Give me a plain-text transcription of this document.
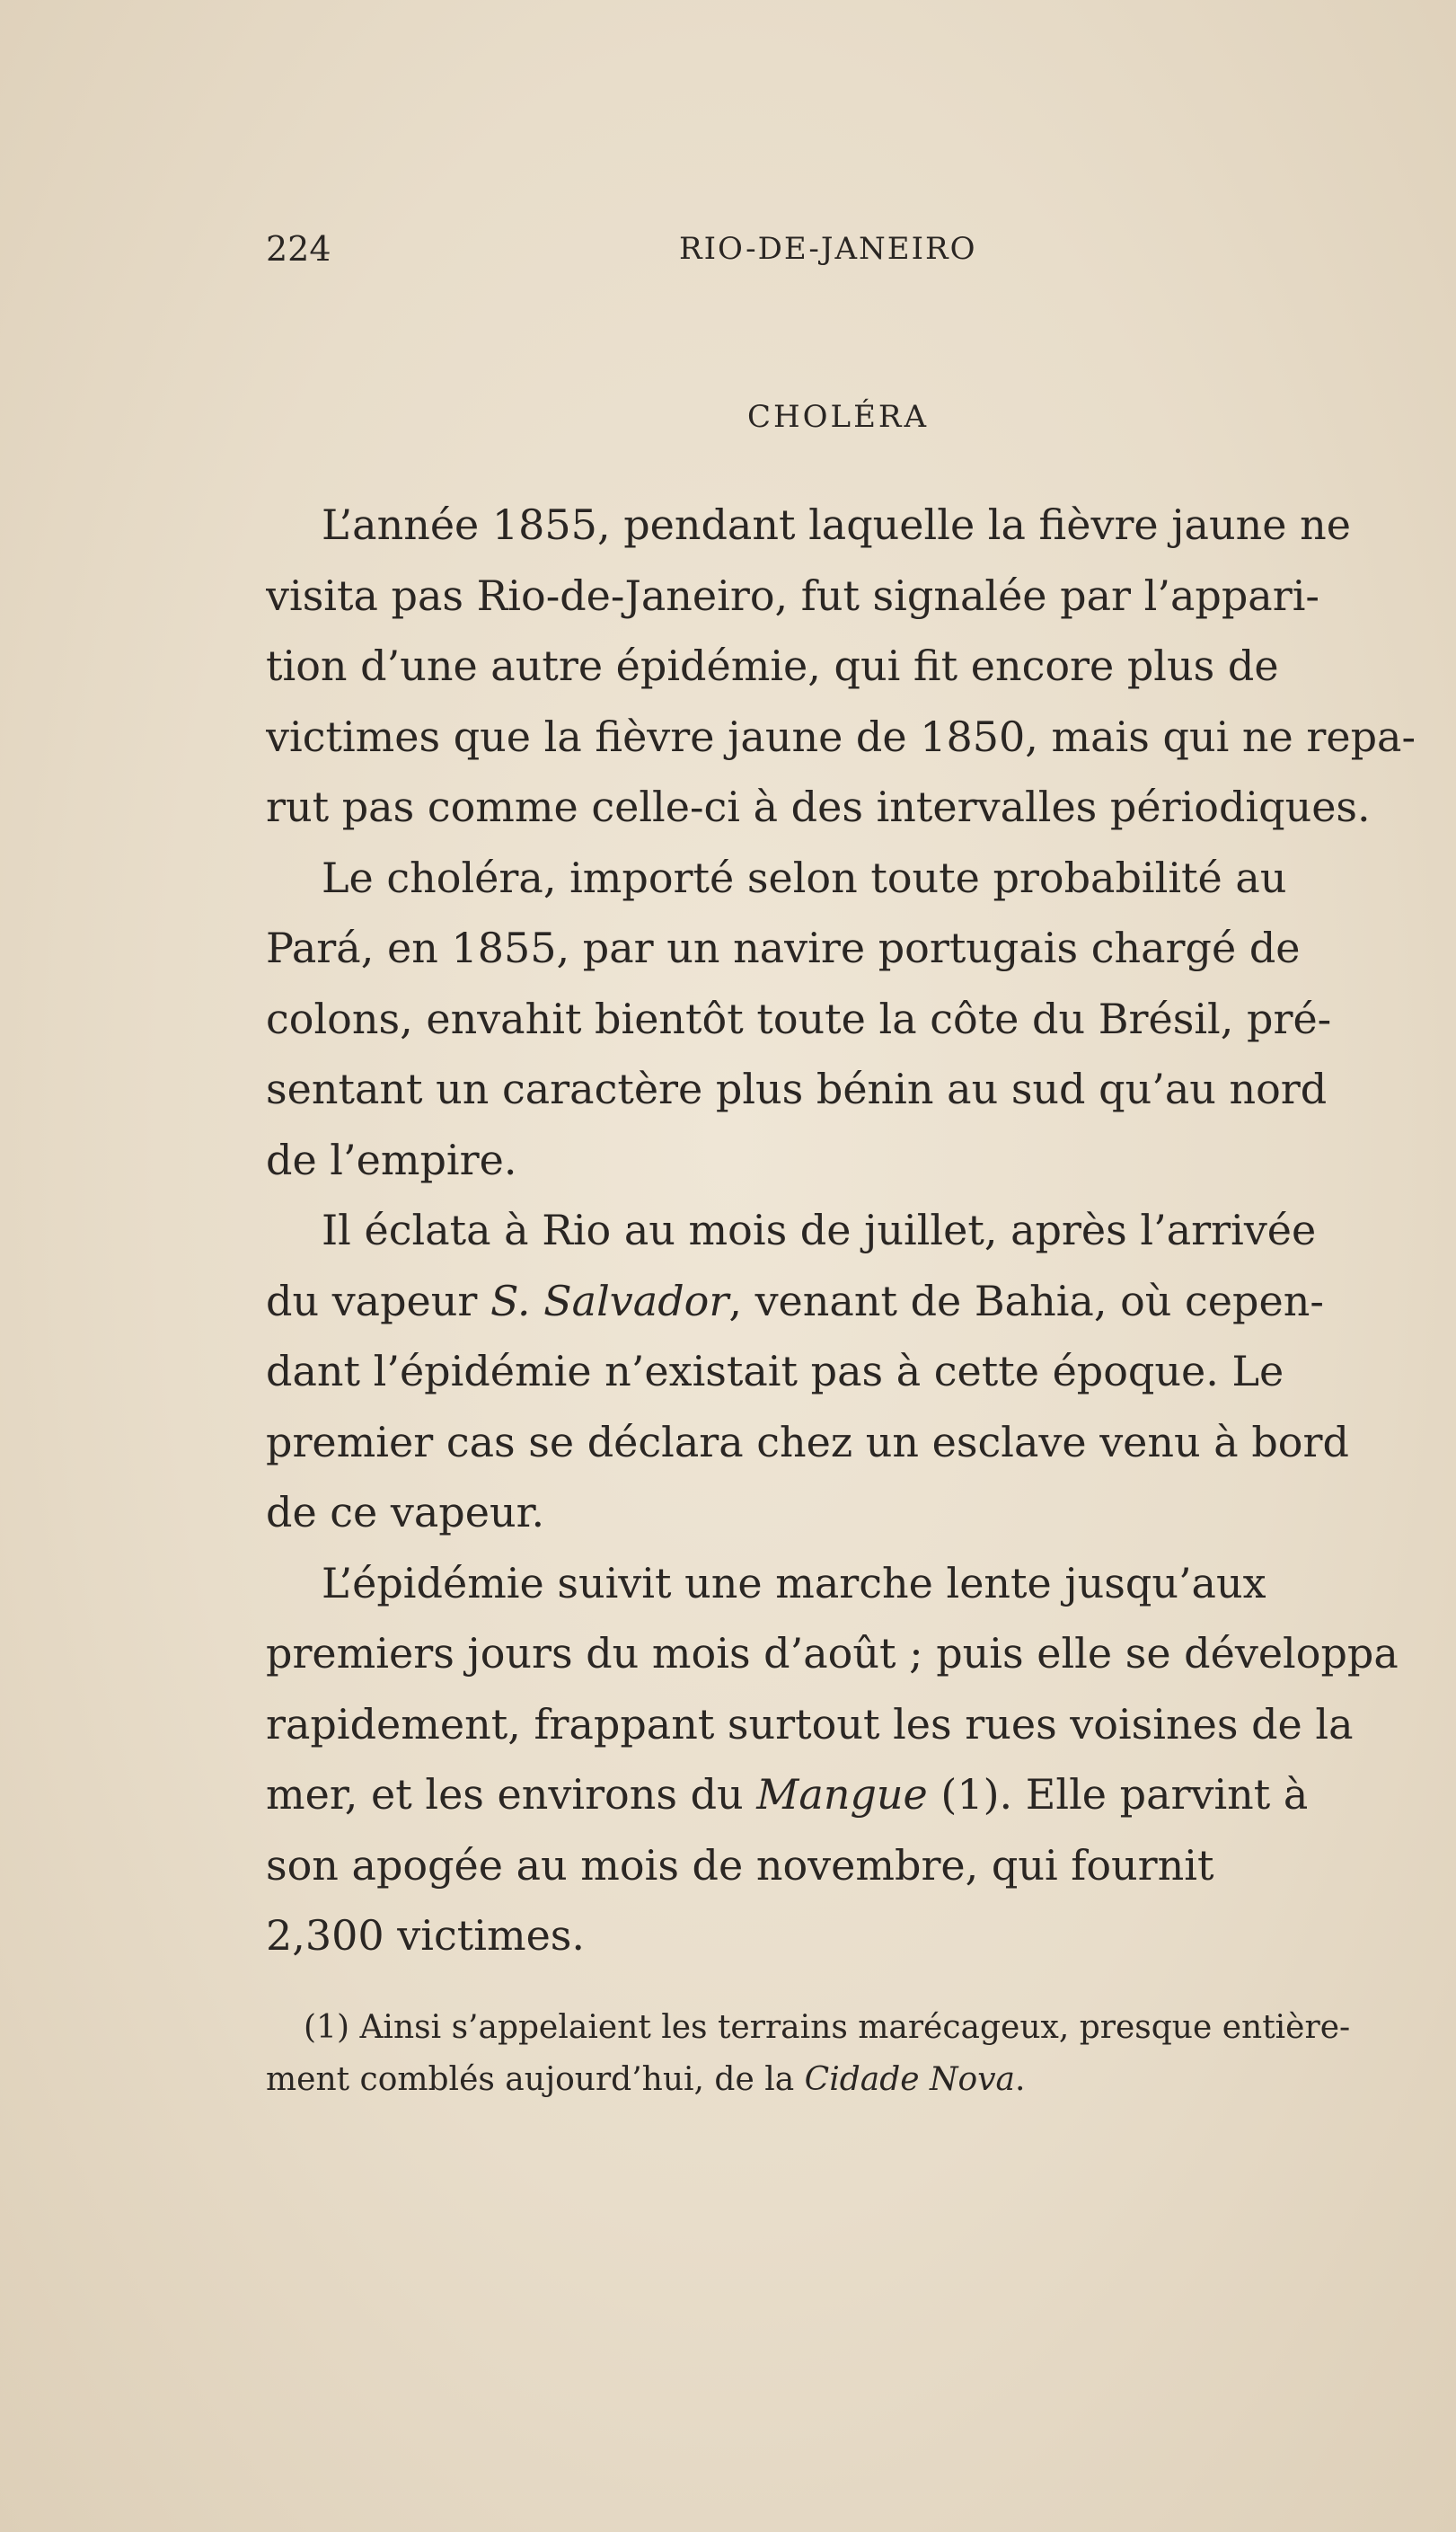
224	RIO-DE-JANEIRO
CHOLÉRA
L’année 1855, pendant laquelle la fièvre jaune ne
visita pas Rio-de-Janeiro, fut signalée par l’appari-
tion d’une autre épidémie, qui fit encore plus de
victimes que la fièvre jaune de 1850, mais qui ne repa-
rut pas comme celle-ci à des intervalles périodiques.
Le choléra, importé selon toute probabilité au
Pará, en 1855, par un navire portugais chargé de
colons, envahit bientôt toute la côte du Brésil, pré-
sentant un caractère plus bénin au sud qu’au nord
de l’empire.
Il éclata à Rio au mois de juillet, après l’arrivée
du vapeur S. Salvador, venant de Bahia, où cepen-
dant l’épidémie n’existait pas à cette époque. Le
premier cas se déclara chez un esclave venu à bord
de ce vapeur.
L’épidémie suivit une marche lente jusqu’aux
premiers jours du mois d’août ; puis elle se développa
rapidement, frappant surtout les rues voisines de la
mer, et les environs du Mangue (1). Elle parvint à
son apogée au mois de novembre, qui fournit
2,300 victimes.
(1) Ainsi s’appelaient les terrains marécageux, presque entière-
ment comblés aujourd’hui, de la Cidade Nova.
